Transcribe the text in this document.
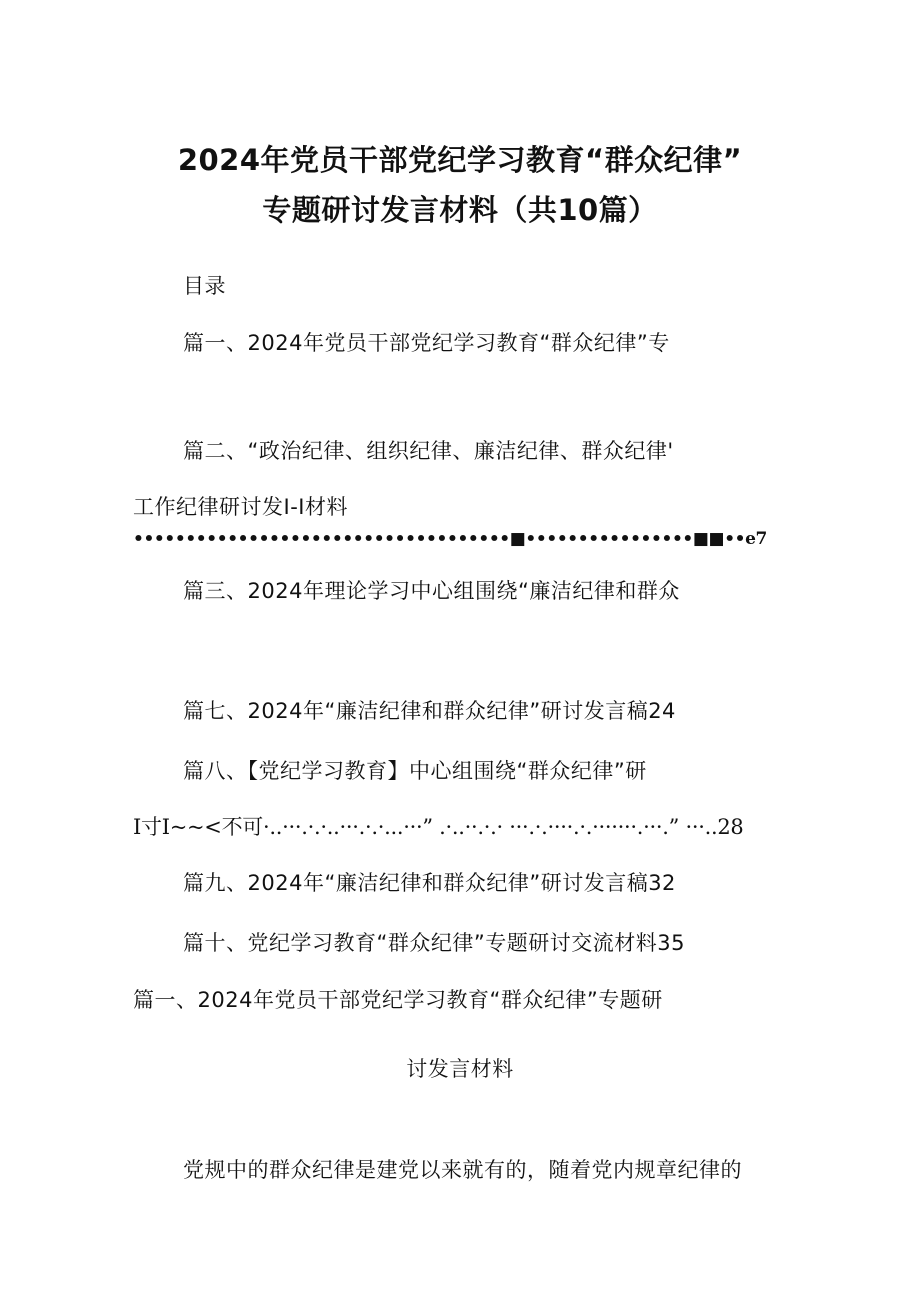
2024年党员干部党纪学习教育“群众纪律”
专题研讨发言材料（共10篇）
目录
篇一、2024年党员干部党纪学习教育“群众纪律”专
篇二、“政治纪律、组织纪律、廉洁纪律、群众纪律'
工作纪律研讨发I-I材料
••••••••••••••••••••••••••••••••••••■••••••••••••••••■■••e7
篇三、2024年理论学习中心组围绕“廉洁纪律和群众
篇七、2024年“廉洁纪律和群众纪律”研讨发言稿24
篇八、【党纪学习教育】中心组围绕“群众纪律”研
I寸I~~<不可·..···.·.·..···.·.·...···” .·..··.·.· ···.·.····.·.·······.···.” ···..28
篇九、2024年“廉洁纪律和群众纪律”研讨发言稿32
篇十、党纪学习教育“群众纪律”专题研讨交流材料35
篇一、2024年党员干部党纪学习教育“群众纪律”专题研
讨发言材料
党规中的群众纪律是建党以来就有的，随着党内规章纪律的
